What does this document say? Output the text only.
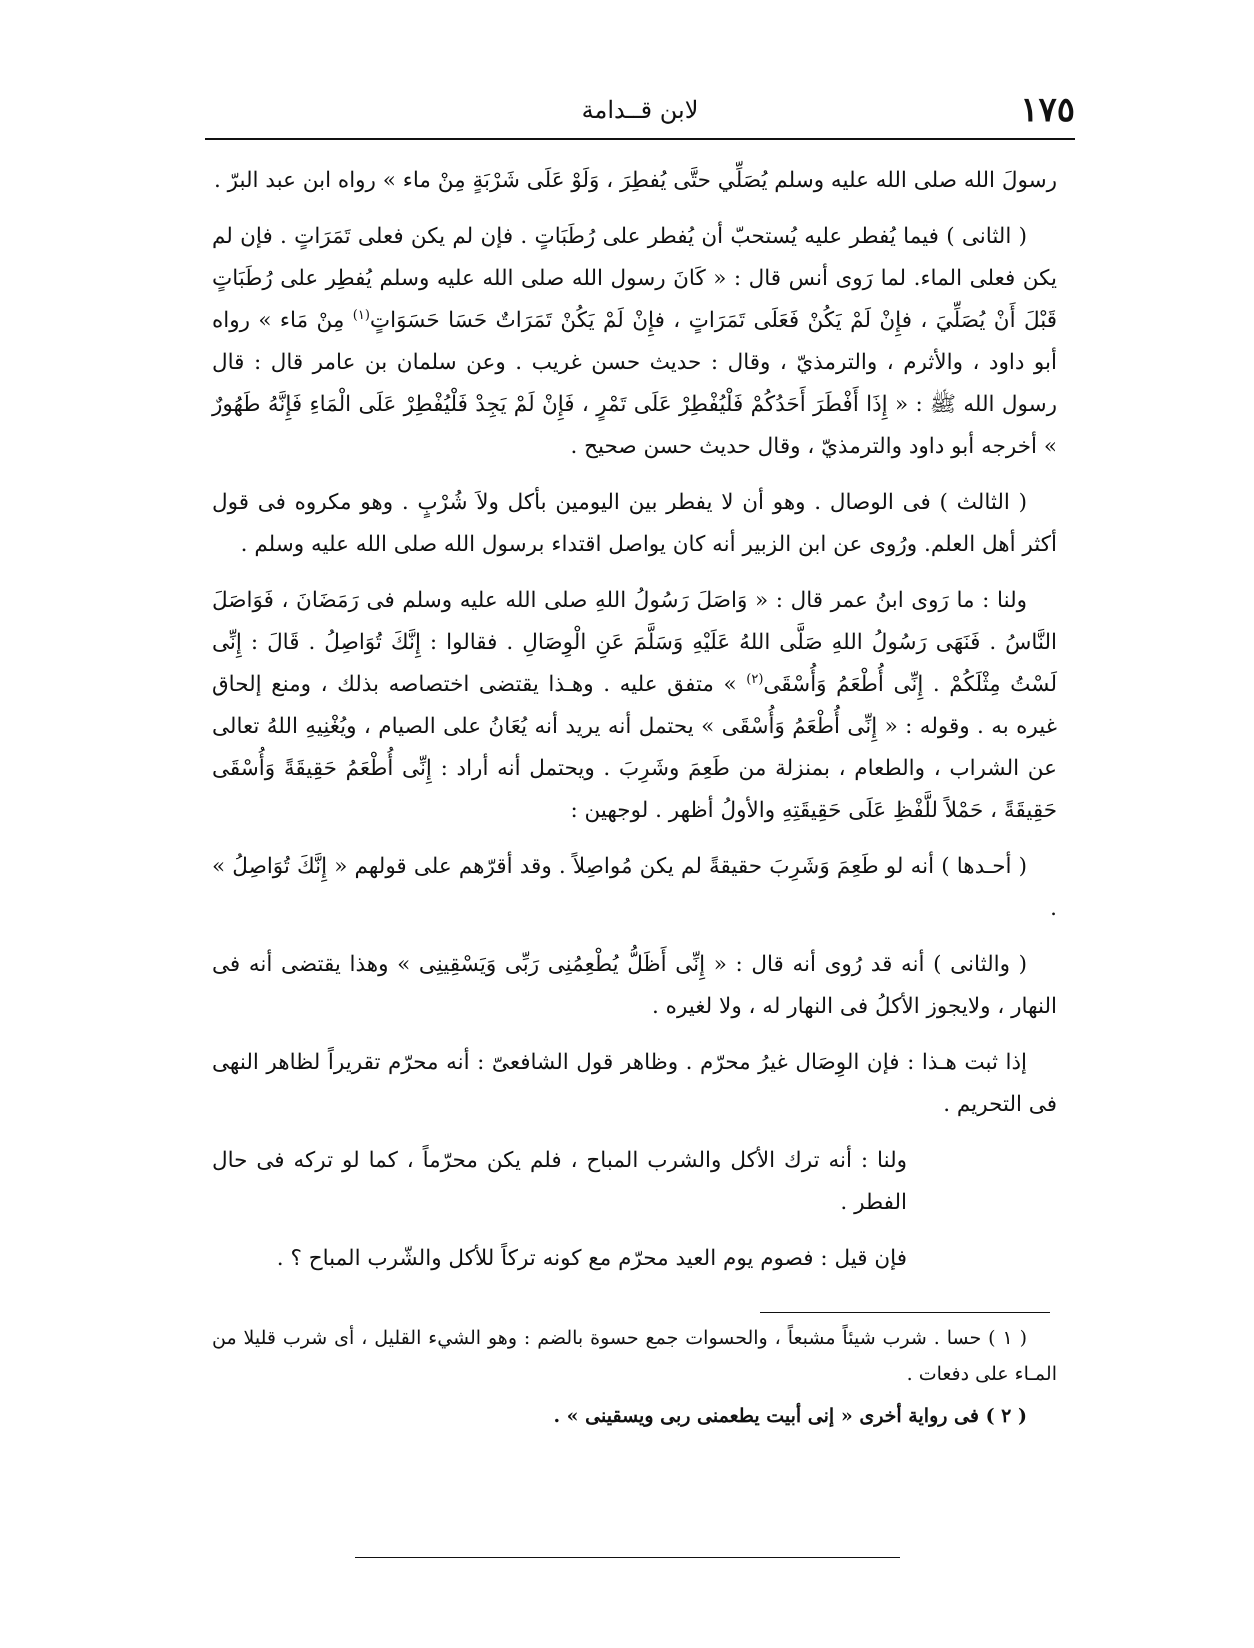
١٧٥
لابن قــدامة

رسولَ الله صلى الله عليه وسلم يُصَلِّي حتَّى يُفطِرَ ، وَلَوْ عَلَى شَرْبَةٍ مِنْ ماء » رواه ابن عبد البرّ .

( الثانى ) فيما يُفطر عليه يُستحبّ أن يُفطر على رُطَبَاتٍ . فإن لم يكن فعلى تَمَرَاتٍ . فإن لم يكن فعلى الماء. لما رَوى أنس قال : « كَانَ رسول الله صلى الله عليه وسلم يُفطِر على رُطَبَاتٍ قَبْلَ أَنْ يُصَلِّيَ ، فإِنْ لَمْ يَكُنْ فَعَلَى تَمَرَاتٍ ، فإِنْ لَمْ يَكُنْ تَمَرَاتٌ حَسَا حَسَوَاتٍ$^{(١)}$ مِنْ مَاء » رواه أبو داود ، والأثرم ، والترمذيّ ، وقال : حديث حسن غريب . وعن سلمان بن عامر قال : قال رسول الله ﷺ : « إِذَا أَفْطَرَ أَحَدُكُمْ فَلْيُفْطِرْ عَلَى تَمْرٍ ، فَإِنْ لَمْ يَجِدْ فَلْيُفْطِرْ عَلَى الْمَاءِ فَإِنَّهُ طَهُورٌ » أخرجه أبو داود والترمذيّ ، وقال حديث حسن صحيح .

( الثالث ) فى الوصال . وهو أن لا يفطر بين اليومين بأكل ولاَ شُرْبٍ . وهو مكروه فى قول أكثر أهل العلم. ورُوى عن ابن الزبير أنه كان يواصل اقتداء برسول الله صلى الله عليه وسلم .

ولنا : ما رَوى ابنُ عمر قال : « وَاصَلَ رَسُولُ اللهِ صلى الله عليه وسلم فى رَمَضَانَ ، فَوَاصَلَ النَّاسُ . فَنَهَى رَسُولُ اللهِ صَلَّى اللهُ عَلَيْهِ وَسَلَّمَ عَنِ الْوِصَالِ . فقالوا : إِنَّكَ تُوَاصِلُ . قَالَ : إِنِّى لَسْتُ مِثْلَكُمْ . إِنِّى أُطْعَمُ وَأُسْقَى$^{(٢)}$ » متفق عليه . وهـذا يقتضى اختصاصه بذلك ، ومنع إلحاق غيره به . وقوله : « إِنِّى أُطْعَمُ وَأُسْقَى » يحتمل أنه يريد أنه يُعَانُ على الصيام ، ويُغْنِيهِ اللهُ تعالى عن الشراب ، والطعام ، بمنزلة من طَعِمَ وشَرِبَ . ويحتمل أنه أراد : إِنِّى أُطْعَمُ حَقِيقَةً وَأُسْقَى حَقِيقَةً ، حَمْلاً للَّفْظِ عَلَى حَقِيقَتِهِ والأولُ أظهر . لوجهين :

( أحـدها ) أنه لو طَعِمَ وَشَرِبَ حقيقةً لم يكن مُواصِلاً . وقد أقرّهم على قولهم « إِنَّكَ تُوَاصِلُ » .

( والثانى ) أنه قد رُوى أنه قال : « إِنِّى أَظَلُّ يُطْعِمُنِى رَبِّى وَيَسْقِينِى » وهذا يقتضى أنه فى النهار ، ولايجوز الأكلُ فى النهار له ، ولا لغيره .

إذا ثبت هـذا : فإن الوِصَال غيرُ محرّم . وظاهر قول الشافعىّ : أنه محرّم تقريراً لظاهر النهى فى التحريم .

ولنا : أنه ترك الأكل والشرب المباح ، فلم يكن محرّماً ، كما لو تركه فى حال الفطر .

فإن قيل : فصوم يوم العيد محرّم مع كونه تركاً للأكل والشّرب المباح ؟ .

( ١ ) حسا . شرب شيئاً مشبعاً ، والحسوات جمع حسوة بالضم : وهو الشيء القليل ، أى شرب قليلا من المـاء على دفعات .

( ٢ ) فى رواية أخرى « إنى أبيت يطعمنى ربى ويسقينى » .
